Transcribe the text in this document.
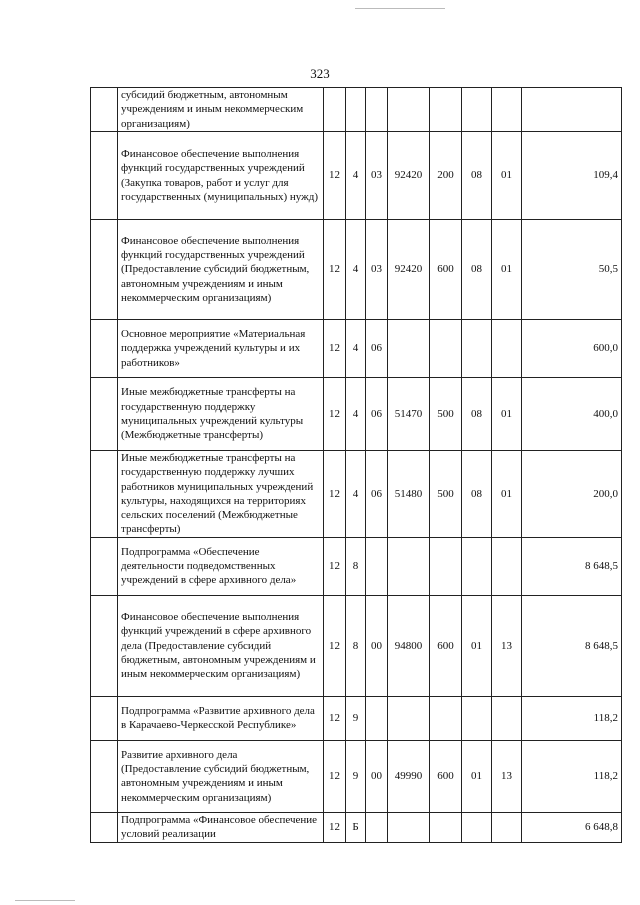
323
	субсидий бюджетным, автономным учреждениям и иным некоммерческим организациям)								
	Финансовое обеспечение выполнения функций государственных учреждений (Закупка товаров, работ и услуг для государственных (муниципальных) нужд)	12	4	03	92420	200	08	01	109,4
	Финансовое обеспечение выполнения функций государственных учреждений (Предоставление субсидий бюджетным, автономным учреждениям и иным некоммерческим организациям)	12	4	03	92420	600	08	01	50,5
	Основное мероприятие «Материальная поддержка учреждений культуры и их работников»	12	4	06					600,0
	Иные межбюджетные трансферты на государственную поддержку муниципальных учреждений культуры (Межбюджетные трансферты)	12	4	06	51470	500	08	01	400,0
	Иные межбюджетные трансферты на государственную поддержку лучших работников муниципальных учреждений культуры, находящихся на территориях сельских поселений (Межбюджетные трансферты)	12	4	06	51480	500	08	01	200,0
	Подпрограмма «Обеспечение деятельности подведомственных учреждений в сфере архивного дела»	12	8						8 648,5
	Финансовое обеспечение выполнения функций учреждений в сфере архивного дела (Предоставление субсидий бюджетным, автономным учреждениям и иным некоммерческим организациям)	12	8	00	94800	600	01	13	8 648,5
	Подпрограмма «Развитие архивного дела в Карачаево-Черкесской Республике»	12	9						118,2
	Развитие архивного дела (Предоставление субсидий бюджетным, автономным учреждениям и иным некоммерческим организациям)	12	9	00	49990	600	01	13	118,2
	Подпрограмма «Финансовое обеспечение условий реализации	12	Б						6 648,8
